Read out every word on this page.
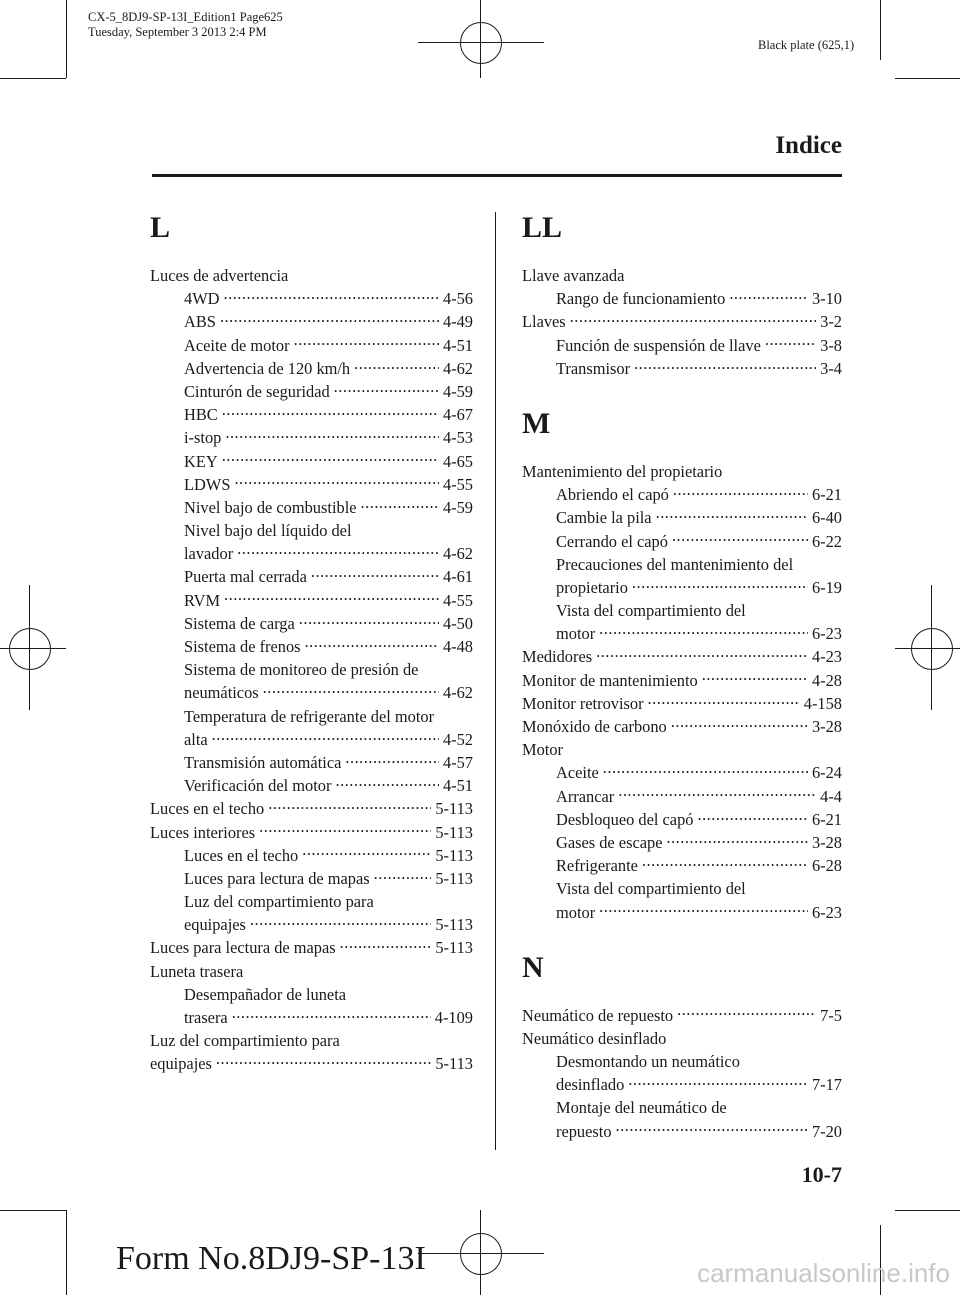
CX-5_8DJ9-SP-13I_Edition1 Page625
Tuesday, September 3 2013 2:4 PM
Black plate (625,1)
Indice
L
Luces de advertencia
4WD .....	4-56
ABS .....	4-49
Aceite de motor .....	4-51
Advertencia de 120 km/h .....	4-62
Cinturón de seguridad .....	4-59
HBC .....	4-67
i-stop .....	4-53
KEY .....	4-65
LDWS .....	4-55
Nivel bajo de combustible .....	4-59
Nivel bajo del líquido del
lavador .....	4-62
Puerta mal cerrada .....	4-61
RVM .....	4-55
Sistema de carga .....	4-50
Sistema de frenos .....	4-48
Sistema de monitoreo de presión de
neumáticos .....	4-62
Temperatura de refrigerante del motor
alta .....	4-52
Transmisión automática .....	4-57
Verificación del motor .....	4-51
Luces en el techo .....	5-113
Luces interiores .....	5-113
Luces en el techo .....	5-113
Luces para lectura de mapas .....	5-113
Luz del compartimiento para
equipajes .....	5-113
Luces para lectura de mapas .....	5-113
Luneta trasera
Desempañador de luneta
trasera .....	4-109
Luz del compartimiento para
equipajes .....	5-113
LL
Llave avanzada
Rango de funcionamiento .....	3-10
Llaves .....	3-2
Función de suspensión de llave .....	3-8
Transmisor .....	3-4
M
Mantenimiento del propietario
Abriendo el capó .....	6-21
Cambie la pila .....	6-40
Cerrando el capó .....	6-22
Precauciones del mantenimiento del
propietario .....	6-19
Vista del compartimiento del
motor .....	6-23
Medidores .....	4-23
Monitor de mantenimiento .....	4-28
Monitor retrovisor .....	4-158
Monóxido de carbono .....	3-28
Motor
Aceite .....	6-24
Arrancar .....	4-4
Desbloqueo del capó .....	6-21
Gases de escape .....	3-28
Refrigerante .....	6-28
Vista del compartimiento del
motor .....	6-23
N
Neumático de repuesto .....	7-5
Neumático desinflado
Desmontando un neumático
desinflado .....	7-17
Montaje del neumático de
repuesto .....	7-20
10-7
Form No.8DJ9-SP-13I	carmanualsonline.info
